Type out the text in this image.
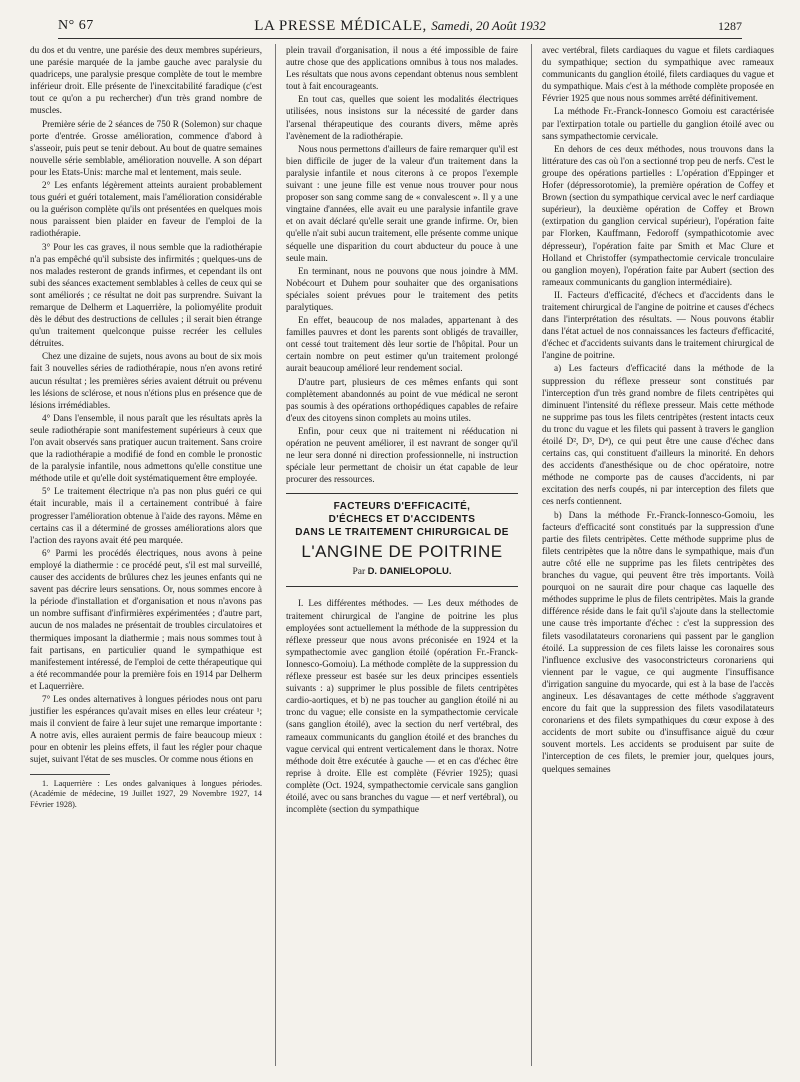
N° 67	LA PRESSE MÉDICALE, Samedi, 20 Août 1932	1287

du dos et du ventre, une parésie des deux membres supérieurs, une parésie marquée de la jambe gauche avec paralysie du quadriceps, une paralysie presque complète de tout le membre inférieur droit. Elle présente de l'inexcitabilité faradique (c'est tout ce qu'on a pu rechercher) d'un très grand nombre de muscles.

Première série de 2 séances de 750 R (Solemon) sur chaque porte d'entrée. Grosse amélioration, commence d'abord à s'asseoir, puis peut se tenir debout. Au bout de quatre semaines nouvelle série semblable, amélioration nouvelle. A son départ pour les Etats-Unis: marche mal et lentement, mais seule.

2° Les enfants légèrement atteints auraient probablement tous guéri et guéri totalement, mais l'amélioration considérable ou la guérison complète qu'ils ont présentées en quelques mois nous paraissent bien plaider en faveur de l'emploi de la radiothérapie.

3° Pour les cas graves, il nous semble que la radiothérapie n'a pas empêché qu'il subsiste des infirmités ; quelques-uns de nos malades resteront de grands infirmes, et cependant ils ont subi des séances exactement semblables à celles de ceux qui se sont améliorés ; ce résultat ne doit pas surprendre. Suivant la remarque de Delherm et Laquerrière, la poliomyélite produit dès le début des destructions de cellules ; il serait bien étrange qu'un traitement quelconque puisse recréer les cellules détruites.

Chez une dizaine de sujets, nous avons au bout de six mois fait 3 nouvelles séries de radiothérapie, nous n'en avons retiré aucun résultat ; les premières séries avaient détruit ou prévenu les lésions de sclérose, et nous n'étions plus en présence que de lésions irrémédiables.

4° Dans l'ensemble, il nous paraît que les résultats après la seule radiothérapie sont manifestement supérieurs à ceux que l'on avait observés sans pratiquer aucun traitement. Sans croire que la radiothérapie a modifié de fond en comble le pronostic de la paralysie infantile, nous admettons qu'elle constitue une méthode utile et qu'elle doit systématiquement être employée.

5° Le traitement électrique n'a pas non plus guéri ce qui était incurable, mais il a certainement contribué à faire progresser l'amélioration obtenue à l'aide des rayons. Même en certains cas il a déterminé de grosses améliorations alors que l'action des rayons avait été peu marquée.

6° Parmi les procédés électriques, nous avons à peine employé la diathermie : ce procédé peut, s'il est mal surveillé, causer des accidents de brûlures chez les jeunes enfants qui ne savent pas décrire leurs sensations. Or, nous sommes encore à la période d'installation et d'organisation et nous n'avons pas un nombre suffisant d'infirmières expérimentées ; d'autre part, aucun de nos malades ne présentait de troubles circulatoires et thermiques imposant la diathermie ; mais nous sommes tout à fait partisans, en particulier quand le sympathique est manifestement intéressé, de l'emploi de cette thérapeutique qui a été recommandée pour la première fois en 1914 par Delherm et Laquerrière.

7° Les ondes alternatives à longues périodes nous ont paru justifier les espérances qu'avait mises en elles leur créateur ¹; mais il convient de faire à leur sujet une remarque importante : A notre avis, elles auraient permis de faire beaucoup mieux : pour en obtenir les pleins effets, il faut les régler pour chaque sujet, suivant l'état de ses muscles. Or comme nous étions en

1. Laquerrière : Les ondes galvaniques à longues périodes. (Académie de médecine, 19 Juillet 1927, 29 Novembre 1927, 14 Février 1928).

plein travail d'organisation, il nous a été impossible de faire autre chose que des applications omnibus à tous nos malades. Les résultats que nous avons cependant obtenus nous semblent tout à fait encourageants.

En tout cas, quelles que soient les modalités électriques utilisées, nous insistons sur la nécessité de garder dans l'arsenal thérapeutique des courants divers, même après l'avènement de la radiothérapie.

Nous nous permettons d'ailleurs de faire remarquer qu'il est bien difficile de juger de la valeur d'un traitement dans la paralysie infantile et nous citerons à ce propos l'exemple suivant : une jeune fille est venue nous trouver pour nous proposer son sang comme sang de « convalescent ». Il y a une vingtaine d'années, elle avait eu une paralysie infantile grave et on avait déclaré qu'elle serait une grande infirme. Or, bien qu'elle n'ait subi aucun traitement, elle présente comme unique séquelle une disparition du court abducteur du pouce à une seule main.

En terminant, nous ne pouvons que nous joindre à MM. Nobécourt et Duhem pour souhaiter que des organisations spéciales soient prévues pour le traitement des petits paralytiques.

En effet, beaucoup de nos malades, appartenant à des familles pauvres et dont les parents sont obligés de travailler, ont cessé tout traitement dès leur sortie de l'hôpital. Pour un certain nombre on peut estimer qu'un traitement prolongé aurait beaucoup amélioré leur rendement social.

D'autre part, plusieurs de ces mêmes enfants qui sont complètement abandonnés au point de vue médical ne seront pas soumis à des opérations orthopédiques capables de refaire d'eux des citoyens sinon complets au moins utiles.

Enfin, pour ceux que ni traitement ni rééducation ni opération ne peuvent améliorer, il est navrant de songer qu'il ne leur sera donné ni direction professionnelle, ni instruction spéciale leur permettant de choisir un état capable de leur procurer des ressources.

FACTEURS D'EFFICACITÉ,
D'ÉCHECS ET D'ACCIDENTS
DANS LE TRAITEMENT CHIRURGICAL DE
L'ANGINE DE POITRINE
Par D. DANIELOPOLU.

I. Les différentes méthodes. — Les deux méthodes de traitement chirurgical de l'angine de poitrine les plus employées sont actuellement la méthode de la suppression du réflexe presseur que nous avons préconisée en 1924 et la sympathectomie avec ganglion étoilé (opération Fr.-Franck-Ionnesco-Gomoiu). La méthode complète de la suppression du réflexe presseur est basée sur les deux principes essentiels suivants : a) supprimer le plus possible de filets centripètes cardio-aortiques, et b) ne pas toucher au ganglion étoilé ni au tronc du vague; elle consiste en la sympathectomie cervicale (sans ganglion étoilé), avec la section du nerf vertébral, des rameaux communicants du ganglion étoilé et des branches du vague cervical qui entrent verticalement dans le thorax. Notre méthode doit être exécutée à gauche — et en cas d'échec être reprise à droite. Elle est complète (Février 1925); quasi complète (Oct. 1924, sympathectomie cervicale sans ganglion étoilé, avec ou sans branches du vague — et nerf vertébral), ou incomplète (section du sympathique

avec vertébral, filets cardiaques du vague et filets cardiaques du sympathique; section du sympathique avec rameaux communicants du ganglion étoilé, filets cardiaques du vague et du sympathique. Mais c'est à la méthode complète proposée en Février 1925 que nous nous sommes arrêté définitivement.

La méthode Fr.-Franck-Ionnesco Gomoiu est caractérisée par l'extirpation totale ou partielle du ganglion étoilé avec ou sans sympathectomie cervicale.

En dehors de ces deux méthodes, nous trouvons dans la littérature des cas où l'on a sectionné trop peu de nerfs. C'est le groupe des opérations partielles : L'opération d'Eppinger et Hofer (dépressorotomie), la première opération de Coffey et Brown (section du sympathique cervical avec le nerf cardiaque supérieur), la deuxième opération de Coffey et Brown (extirpation du ganglion cervical supérieur), l'opération faite par Florken, Kauffmann, Fedoroff (sympathicotomie avec dépresseur), l'opération faite par Smith et Mac Clure et Holland et Christoffer (sympathectomie cervicale tronculaire ou ganglion moyen), l'opération faite par Aubert (section des rameaux communicants du ganglion intermédiaire).

II. Facteurs d'efficacité, d'échecs et d'accidents dans le traitement chirurgical de l'angine de poitrine et causes d'échecs dans l'interprétation des résultats. — Nous pouvons établir dans l'état actuel de nos connaissances les facteurs d'efficacité, d'échec et d'accidents suivants dans le traitement chirurgical de l'angine de poitrine.

a) Les facteurs d'efficacité dans la méthode de la suppression du réflexe presseur sont constitués par l'interception d'un très grand nombre de filets centripètes qui diminuent l'intensité du réflexe presseur. Mais cette méthode ne supprime pas tous les filets centripètes (restent intacts ceux du tronc du vague et les filets qui passent à travers le ganglion étoilé D², D³, D⁴), ce qui peut être une cause d'échec dans certains cas, qui constituent d'ailleurs la minorité. En dehors des accidents d'anesthésique ou de choc opératoire, notre méthode ne comporte pas de causes d'accidents, ni par excitation des nerfs coupés, ni par interception des filets que ces nerfs contiennent.

b) Dans la méthode Fr.-Franck-Ionnesco-Gomoiu, les facteurs d'efficacité sont constitués par la suppression d'une partie des filets centripètes. Cette méthode supprime plus de filets centripètes que la nôtre dans le sympathique, mais d'un autre côté elle ne supprime pas les filets centripètes des branches du vague, qui peuvent être très importants. Voilà pourquoi on ne saurait dire pour chaque cas laquelle des méthodes supprime le plus de filets centripètes. Mais la grande différence réside dans le fait qu'il s'ajoute dans la stellectomie une cause très importante d'échec : c'est la suppression des filets vasodilatateurs coronariens qui passent par le ganglion étoilé. La suppression de ces filets laisse les coronaires sous l'influence exclusive des vasoconstricteurs coronariens qui viennent par le vague, ce qui augmente l'insuffisance d'irrigation sanguine du myocarde, qui est à la base de l'accès angineux. Les désavantages de cette méthode s'aggravent encore du fait que la suppression des filets vasodilatateurs coronariens et des filets sympathiques du cœur expose à des accidents de mort subite ou d'insuffisance aiguë du cœur souvent mortels. Les accidents se produisent par suite de l'interception de ces filets, le premier jour, quelques jours, quelques semaines
